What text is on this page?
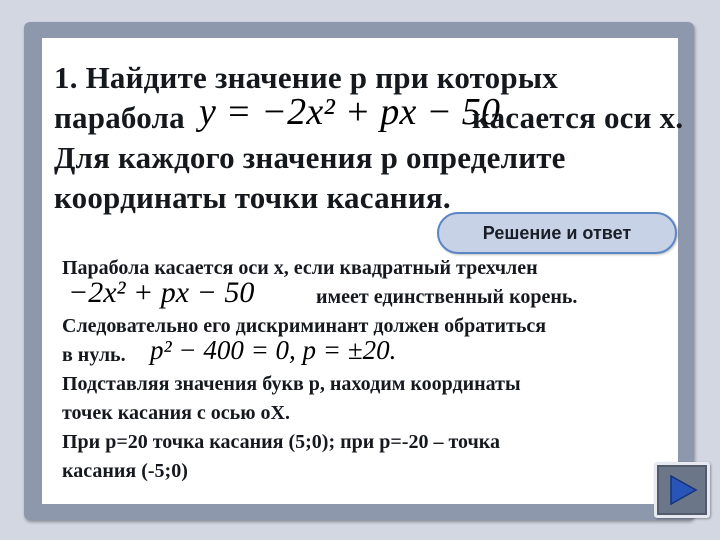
1. Найдите значение р при которых
парабола y = −2x² + px − 50
касается оси х.
Для каждого значения р определите
координаты точки касания.
Решение и ответ
Парабола касается оси х, если квадратный трехчлен
−2x² + px − 50	имеет единственный корень.
Следовательно его дискриминант должен обратиться
в нуль. p² − 400 = 0, p = ±20.
Подставляя значения букв р, находим координаты
точек касания с осью оХ.
При р=20 точка касания (5;0); при р=-20 – точка
касания (-5;0)
